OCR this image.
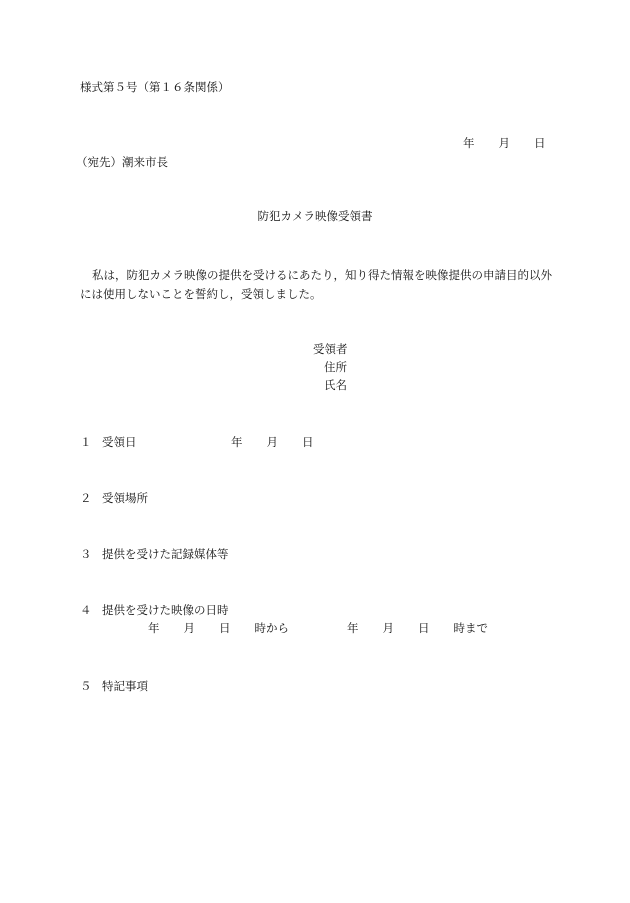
様式第５号（第１６条関係）
年 月 日
（宛先）潮来市長
防犯カメラ映像受領書
私は，防犯カメラ映像の提供を受けるにあたり，知り得た情報を映像提供の申請目的以外には使用しないことを誓約し，受領しました。
受領者
住所
氏名
１ 受領日	年 月 日
２ 受領場所
３ 提供を受けた記録媒体等
４ 提供を受けた映像の日時
年 月 日 時から	年 月 日 時まで
５ 特記事項
